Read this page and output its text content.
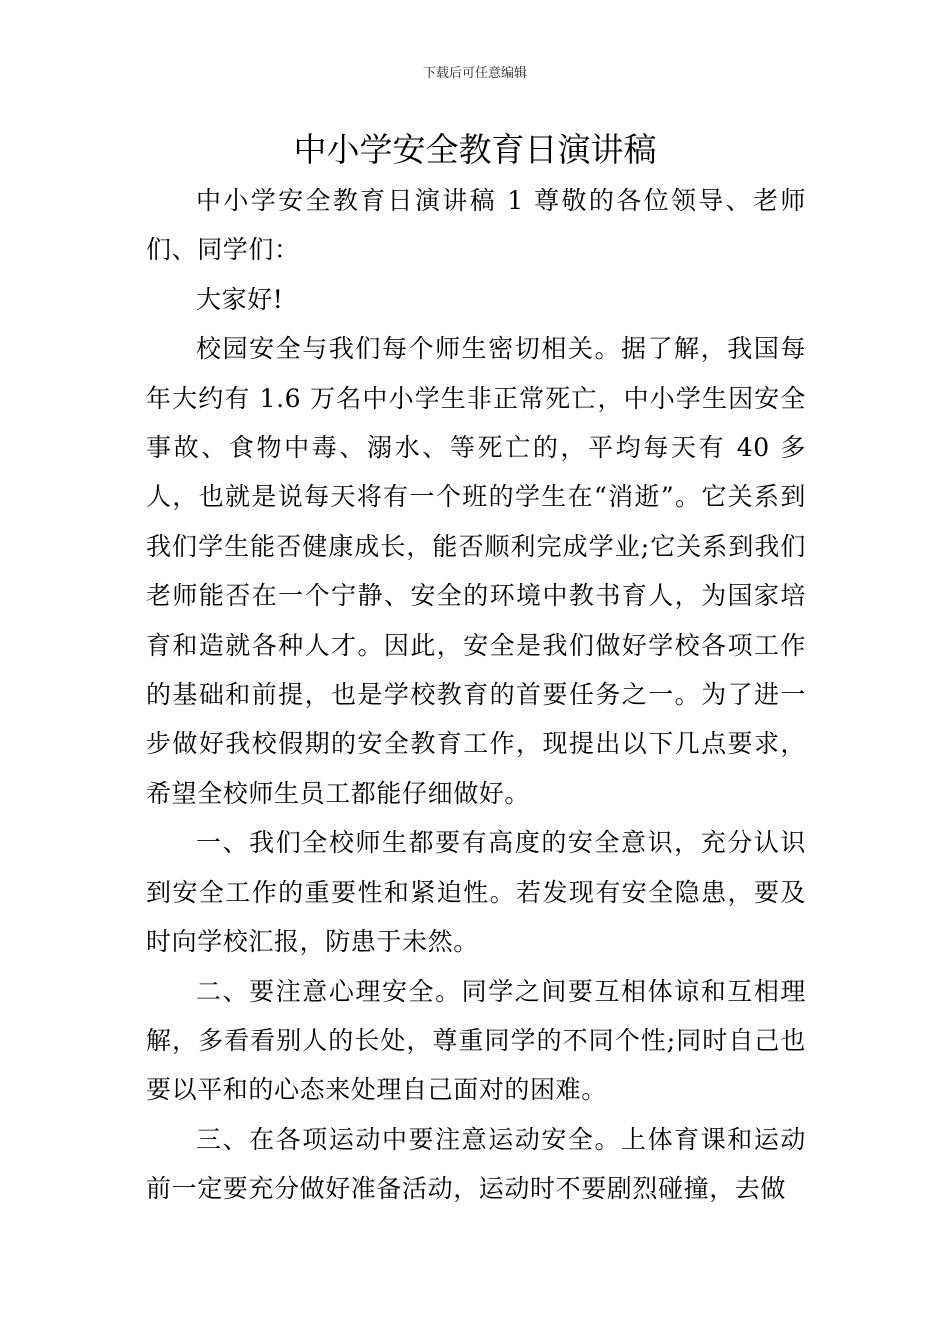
下载后可任意编辑
中小学安全教育日演讲稿

中小学安全教育日演讲稿 1 尊敬的各位领导、老师们、同学们：

大家好!

校园安全与我们每个师生密切相关。据了解，我国每年大约有 1.6 万名中小学生非正常死亡，中小学生因安全事故、食物中毒、溺水、等死亡的，平均每天有 40 多人，也就是说每天将有一个班的学生在“消逝”。它关系到我们学生能否健康成长，能否顺利完成学业;它关系到我们老师能否在一个宁静、安全的环境中教书育人，为国家培育和造就各种人才。因此，安全是我们做好学校各项工作的基础和前提，也是学校教育的首要任务之一。为了进一步做好我校假期的安全教育工作，现提出以下几点要求，希望全校师生员工都能仔细做好。

一、我们全校师生都要有高度的安全意识，充分认识到安全工作的重要性和紧迫性。若发现有安全隐患，要及时向学校汇报，防患于未然。

二、要注意心理安全。同学之间要互相体谅和互相理解，多看看别人的长处，尊重同学的不同个性;同时自己也要以平和的心态来处理自己面对的困难。

三、在各项运动中要注意运动安全。上体育课和运动前一定要充分做好准备活动，运动时不要剧烈碰撞，去做
